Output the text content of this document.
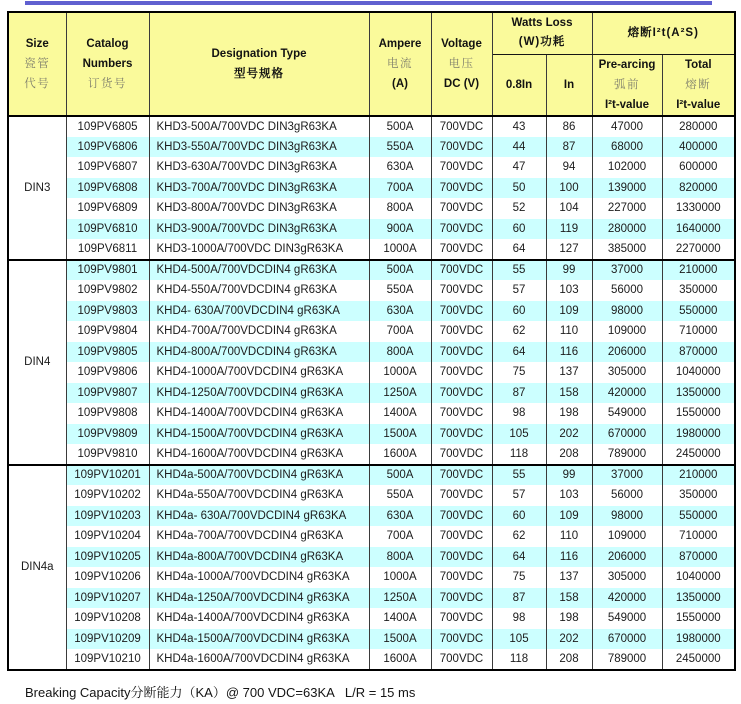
Size
瓷管
代号

Catalog
Numbers
订货号

Designation Type
型号规格

Ampere
电流
(A)

Voltage
电压
DC (V)

Watts Loss
(W)功耗

熔断I²t(A²S)

0.8In	In

Pre-arcing
弧前
I²t-value

Total
熔断
I²t-value

DIN3	109PV6805	KHD3-500A/700VDC DIN3gR63KA	500A	700VDC	43	86	47000	280000
	109PV6806	KHD3-550A/700VDC DIN3gR63KA	550A	700VDC	44	87	68000	400000
	109PV6807	KHD3-630A/700VDC DIN3gR63KA	630A	700VDC	47	94	102000	600000
	109PV6808	KHD3-700A/700VDC DIN3gR63KA	700A	700VDC	50	100	139000	820000
	109PV6809	KHD3-800A/700VDC DIN3gR63KA	800A	700VDC	52	104	227000	1330000
	109PV6810	KHD3-900A/700VDC DIN3gR63KA	900A	700VDC	60	119	280000	1640000
	109PV6811	KHD3-1000A/700VDC DIN3gR63KA	1000A	700VDC	64	127	385000	2270000
DIN4	109PV9801	KHD4-500A/700VDCDIN4 gR63KA	500A	700VDC	55	99	37000	210000
	109PV9802	KHD4-550A/700VDCDIN4 gR63KA	550A	700VDC	57	103	56000	350000
	109PV9803	KHD4- 630A/700VDCDIN4 gR63KA	630A	700VDC	60	109	98000	550000
	109PV9804	KHD4-700A/700VDCDIN4 gR63KA	700A	700VDC	62	110	109000	710000
	109PV9805	KHD4-800A/700VDCDIN4 gR63KA	800A	700VDC	64	116	206000	870000
	109PV9806	KHD4-1000A/700VDCDIN4 gR63KA	1000A	700VDC	75	137	305000	1040000
	109PV9807	KHD4-1250A/700VDCDIN4 gR63KA	1250A	700VDC	87	158	420000	1350000
	109PV9808	KHD4-1400A/700VDCDIN4 gR63KA	1400A	700VDC	98	198	549000	1550000
	109PV9809	KHD4-1500A/700VDCDIN4 gR63KA	1500A	700VDC	105	202	670000	1980000
	109PV9810	KHD4-1600A/700VDCDIN4 gR63KA	1600A	700VDC	118	208	789000	2450000
DIN4a	109PV10201	KHD4a-500A/700VDCDIN4 gR63KA	500A	700VDC	55	99	37000	210000
	109PV10202	KHD4a-550A/700VDCDIN4 gR63KA	550A	700VDC	57	103	56000	350000
	109PV10203	KHD4a- 630A/700VDCDIN4 gR63KA	630A	700VDC	60	109	98000	550000
	109PV10204	KHD4a-700A/700VDCDIN4 gR63KA	700A	700VDC	62	110	109000	710000
	109PV10205	KHD4a-800A/700VDCDIN4 gR63KA	800A	700VDC	64	116	206000	870000
	109PV10206	KHD4a-1000A/700VDCDIN4 gR63KA	1000A	700VDC	75	137	305000	1040000
	109PV10207	KHD4a-1250A/700VDCDIN4 gR63KA	1250A	700VDC	87	158	420000	1350000
	109PV10208	KHD4a-1400A/700VDCDIN4 gR63KA	1400A	700VDC	98	198	549000	1550000
	109PV10209	KHD4a-1500A/700VDCDIN4 gR63KA	1500A	700VDC	105	202	670000	1980000
	109PV10210	KHD4a-1600A/700VDCDIN4 gR63KA	1600A	700VDC	118	208	789000	2450000
Breaking Capacity分断能力（KA）@ 700 VDC=63KA   L/R = 15 ms
